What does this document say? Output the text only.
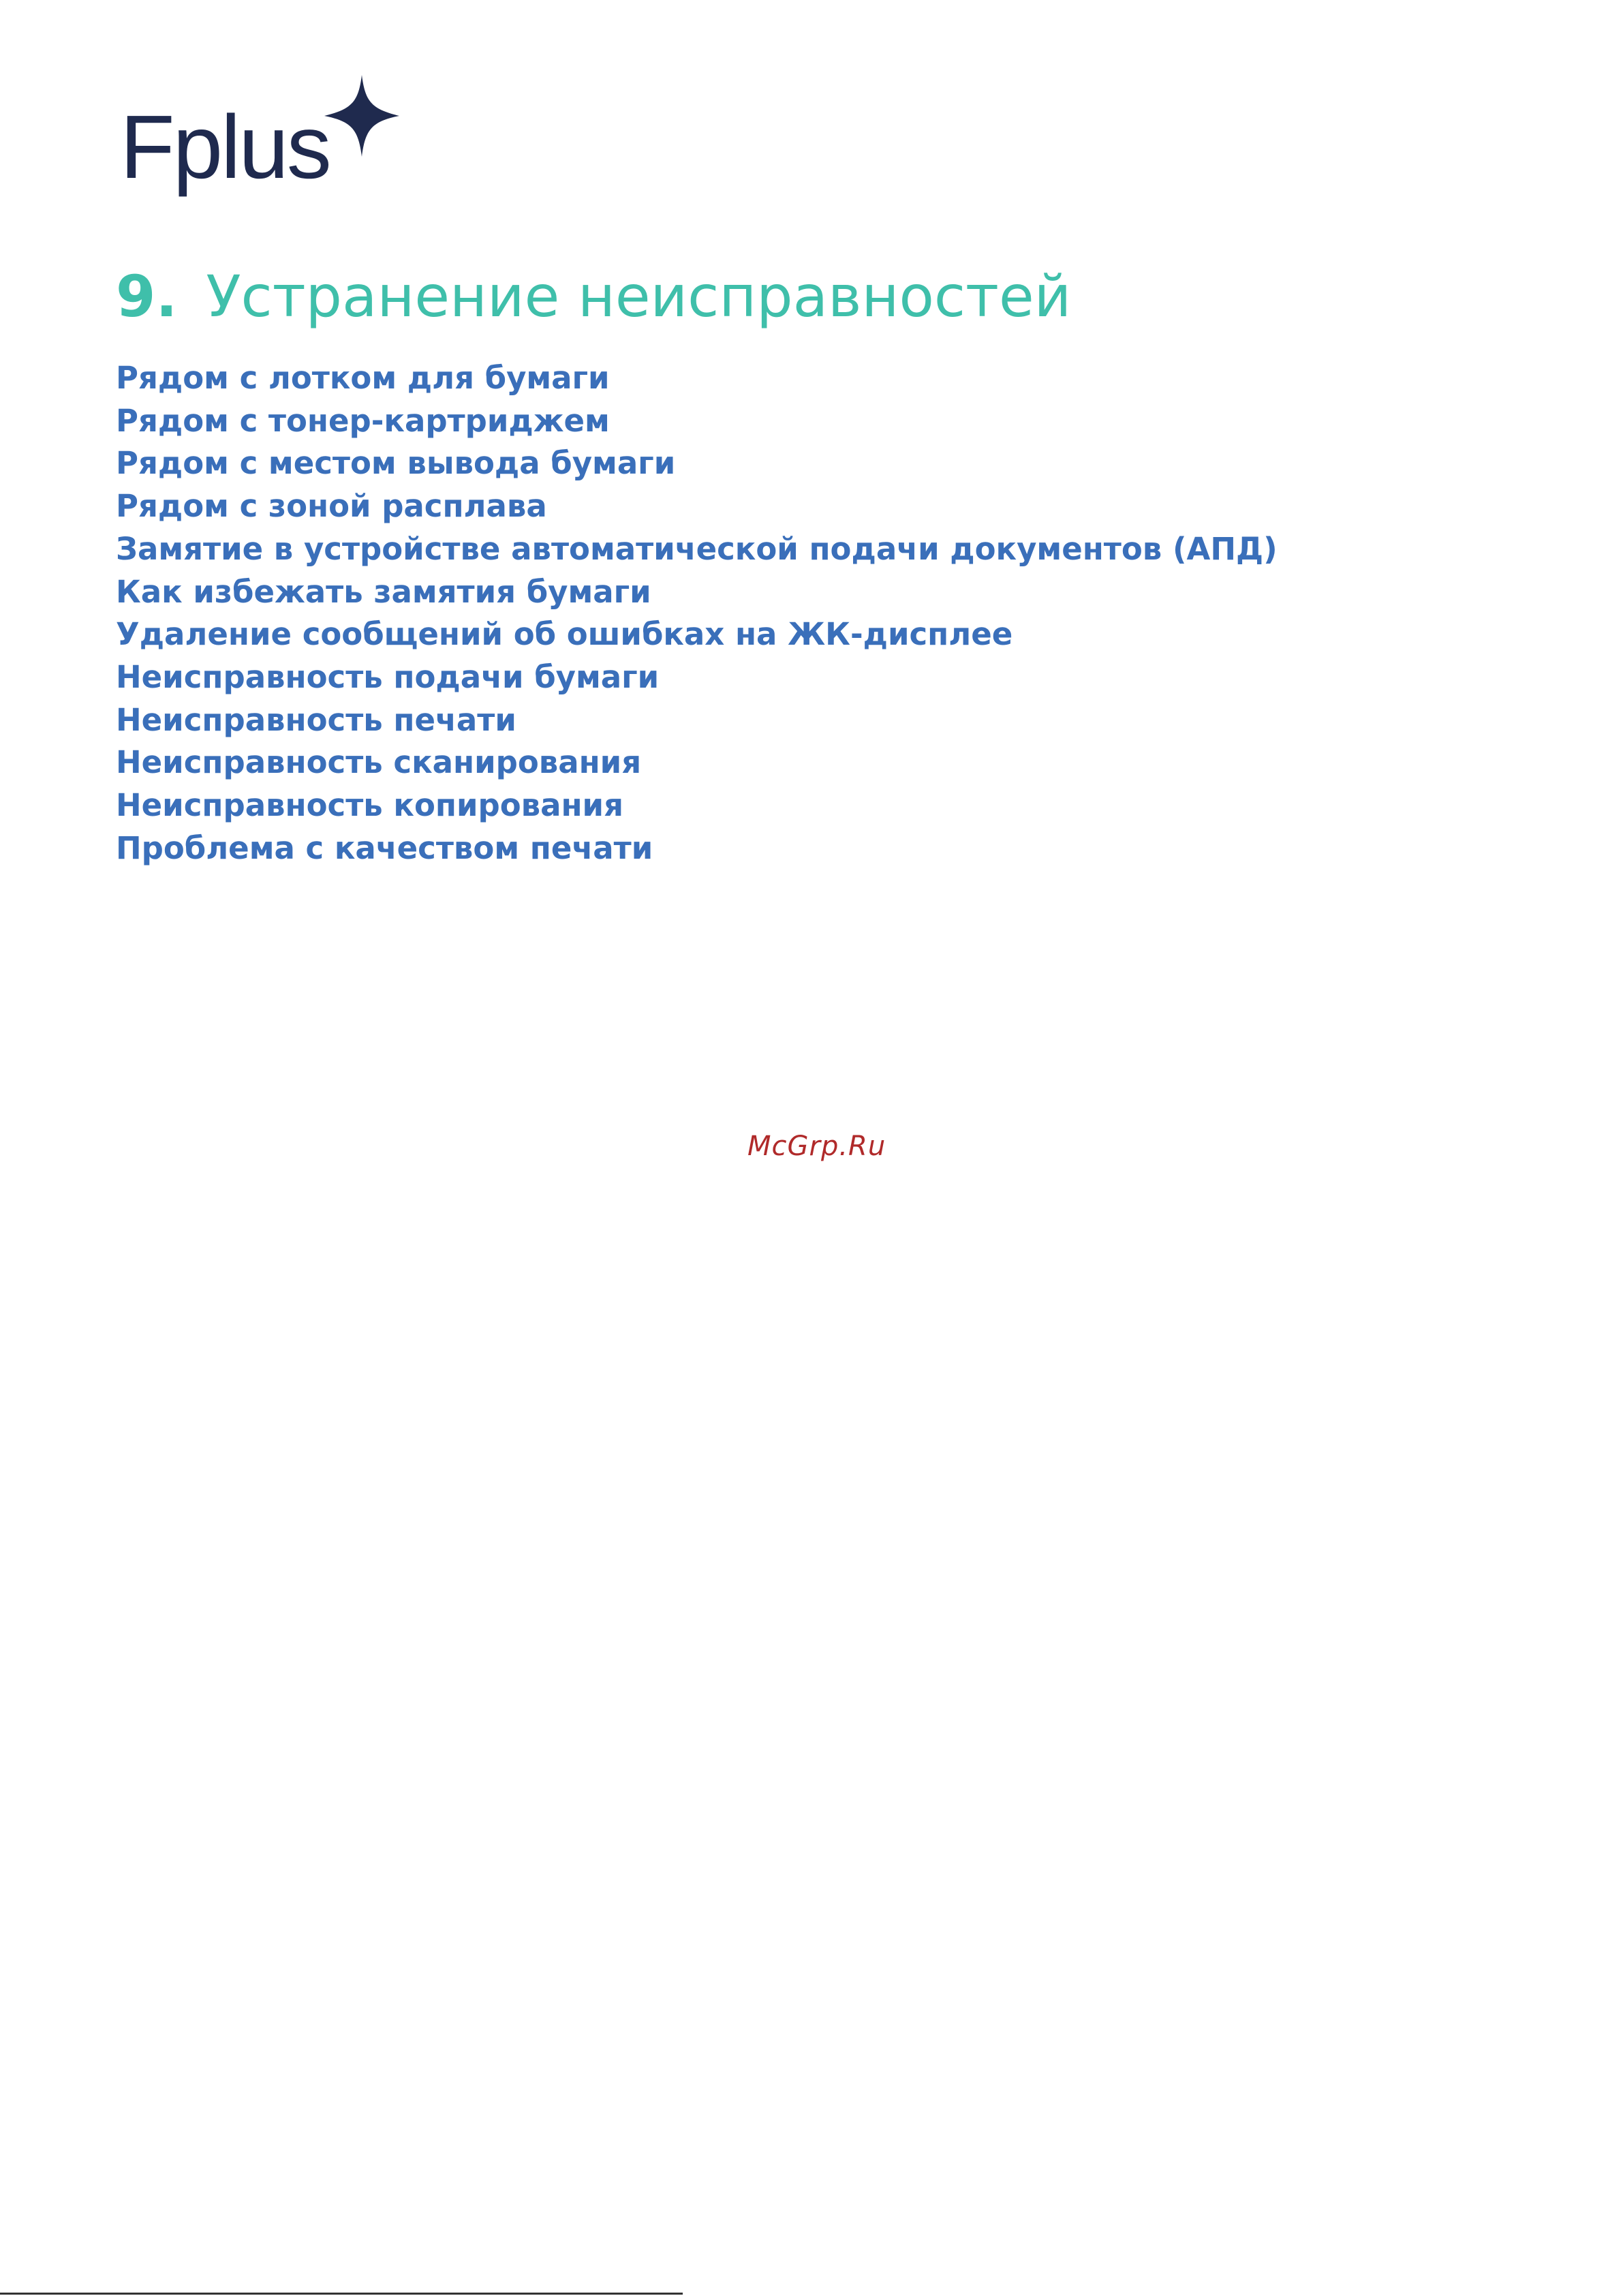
Fplus
9. Устранение неисправностей
Рядом с лотком для бумаги
Рядом с тонер-картриджем
Рядом с местом вывода бумаги
Рядом с зоной расплава
Замятие в устройстве автоматической подачи документов (АПД)
Как избежать замятия бумаги
Удаление сообщений об ошибках на ЖК-дисплее
Неисправность подачи бумаги
Неисправность печати
Неисправность сканирования
Неисправность копирования
Проблема с качеством печати
McGrp.Ru
